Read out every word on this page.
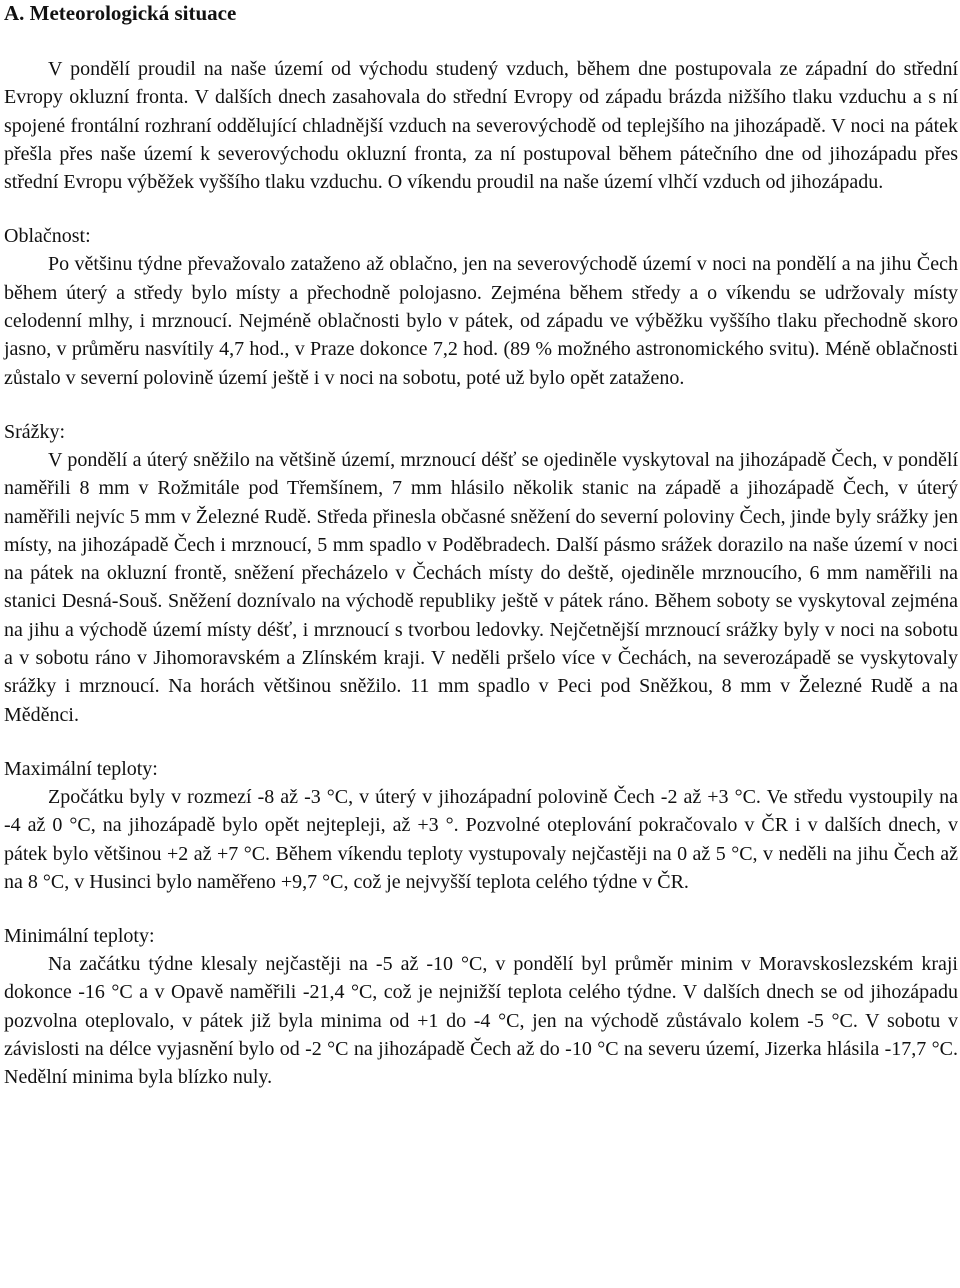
A. Meteorologická situace

V pondělí proudil na naše území od východu studený vzduch, během dne postupovala ze západní do střední Evropy okluzní fronta. V dalších dnech zasahovala do střední Evropy od západu brázda nižšího tlaku vzduchu a s ní spojené frontální rozhraní oddělující chladnější vzduch na severovýchodě od teplejšího na jihozápadě. V noci na pátek přešla přes naše území k severovýchodu okluzní fronta, za ní postupoval během pátečního dne od jihozápadu přes střední Evropu výběžek vyššího tlaku vzduchu. O víkendu proudil na naše území vlhčí vzduch od jihozápadu.

Oblačnost:

Po většinu týdne převažovalo zataženo až oblačno, jen na severovýchodě území v noci na pondělí a na jihu Čech během úterý a středy bylo místy a přechodně polojasno. Zejména během středy a o víkendu se udržovaly místy celodenní mlhy, i mrznoucí. Nejméně oblačnosti bylo v pátek, od západu ve výběžku vyššího tlaku přechodně skoro jasno, v průměru nasvítily 4,7 hod., v Praze dokonce 7,2 hod. (89 % možného astronomického svitu). Méně oblačnosti zůstalo v severní polovině území ještě i v noci na sobotu, poté už bylo opět zataženo.

Srážky:

V pondělí a úterý sněžilo na většině území, mrznoucí déšť se ojediněle vyskytoval na jihozápadě Čech, v pondělí naměřili 8 mm v Rožmitále pod Třemšínem, 7 mm hlásilo několik stanic na západě a jihozápadě Čech, v úterý naměřili nejvíc 5 mm v Železné Rudě. Středa přinesla občasné sněžení do severní poloviny Čech, jinde byly srážky jen místy, na jihozápadě Čech i mrznoucí, 5 mm spadlo v Poděbradech. Další pásmo srážek dorazilo na naše území v noci na pátek na okluzní frontě, sněžení přecházelo v Čechách místy do deště, ojediněle mrznoucího, 6 mm naměřili na stanici Desná-Souš. Sněžení doznívalo na východě republiky ještě v pátek ráno. Během soboty se vyskytoval zejména na jihu a východě území místy déšť, i mrznoucí s tvorbou ledovky. Nejčetnější mrznoucí srážky byly v noci na sobotu a v sobotu ráno v Jihomoravském a Zlínském kraji. V neděli pršelo více v Čechách, na severozápadě se vyskytovaly srážky i mrznoucí. Na horách většinou sněžilo. 11 mm spadlo v Peci pod Sněžkou, 8 mm v Železné Rudě a na Měděnci.

Maximální teploty:

Zpočátku byly v rozmezí -8 až -3 °C, v úterý v jihozápadní polovině Čech -2 až +3 °C. Ve středu vystoupily na -4 až 0 °C, na jihozápadě bylo opět nejtepleji, až +3 °. Pozvolné oteplování pokračovalo v ČR i v dalších dnech, v pátek bylo většinou +2 až +7 °C. Během víkendu teploty vystupovaly nejčastěji na 0 až 5 °C, v neděli na jihu Čech až na 8 °C, v Husinci bylo naměřeno +9,7 °C, což je nejvyšší teplota celého týdne v ČR.

Minimální teploty:

Na začátku týdne klesaly nejčastěji na -5 až -10 °C, v pondělí byl průměr minim v Moravskoslezském kraji dokonce -16 °C a v Opavě naměřili -21,4 °C, což je nejnižší teplota celého týdne. V dalších dnech se od jihozápadu pozvolna oteplovalo, v pátek již byla minima od +1 do -4 °C, jen na východě zůstávalo kolem -5 °C. V sobotu v závislosti na délce vyjasnění bylo od -2 °C na jihozápadě Čech až do -10 °C na severu území, Jizerka hlásila -17,7 °C. Nedělní minima byla blízko nuly.
